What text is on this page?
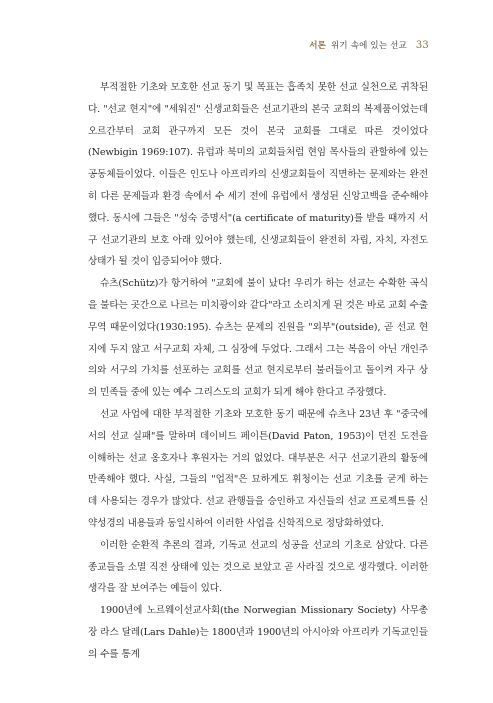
서론 위기 속에 있는 선교 33

부적절한 기초와 모호한 선교 동기 및 목표는 흡족치 못한 선교 실천으로 귀착된다. "선교 현지"에 "세워진" 신생교회들은 선교기관의 본국 교회의 복제품이었는데 오르간부터 교회 관구까지 모든 것이 본국 교회를 그대로 따른 것이었다(Newbigin 1969:107). 유럽과 북미의 교회들처럼 현임 목사들의 관할하에 있는 공동체들이었다. 이들은 인도나 아프리카의 신생교회들이 직면하는 문제와는 완전히 다른 문제들과 환경 속에서 수 세기 전에 유럽에서 생성된 신앙고백을 준수해야 했다. 동시에 그들은 "성숙 증명서"(a certificate of maturity)를 받을 때까지 서구 선교기관의 보호 아래 있어야 했는데, 신생교회들이 완전히 자립, 자치, 자전도 상태가 될 것이 입증되어야 했다.

슈츠(Schütz)가 항거하여 "교회에 불이 났다! 우리가 하는 선교는 수확한 곡식을 불타는 곳간으로 나르는 미치광이와 같다"라고 소리치게 된 것은 바로 교회 수출 무역 때문이었다(1930:195). 슈츠는 문제의 진원을 "외부"(outside), 곧 선교 현지에 두지 않고 서구교회 자체, 그 심장에 두었다. 그래서 그는 복음이 아닌 개인주의와 서구의 가치를 선포하는 교회를 선교 현지로부터 불러들이고 돌이켜 자구 상의 민족들 중에 있는 예수 그리스도의 교회가 되게 해야 한다고 주장했다.

선교 사업에 대한 부적절한 기초와 모호한 동기 때문에 슈츠나 23년 후 "중국에서의 선교 실패"를 말하며 데이비드 페이튼(David Paton, 1953)이 던진 도전을 이해하는 선교 옹호자나 후원자는 거의 없었다. 대부분은 서구 선교기관의 활동에 만족해야 했다. 사실, 그들의 "업적"은 묘하게도 휘청이는 선교 기초를 굳게 하는 데 사용되는 경우가 많았다. 선교 관행들을 승인하고 자신들의 선교 프로젝트를 신약성경의 내용들과 동일시하여 이러한 사업을 신학적으로 정당화하였다.

이러한 순환적 추론의 결과, 기독교 선교의 성공을 선교의 기초로 삼았다. 다른 종교들을 소멸 직전 상태에 있는 것으로 보았고 곧 사라질 것으로 생각했다. 이러한 생각을 잘 보여주는 예들이 있다.

1900년에 노르웨이선교사회(the Norwegian Missionary Society) 사무총장 라스 달레(Lars Dahle)는 1800년과 1900년의 아시아와 아프리카 기독교인들의 수를 통계
